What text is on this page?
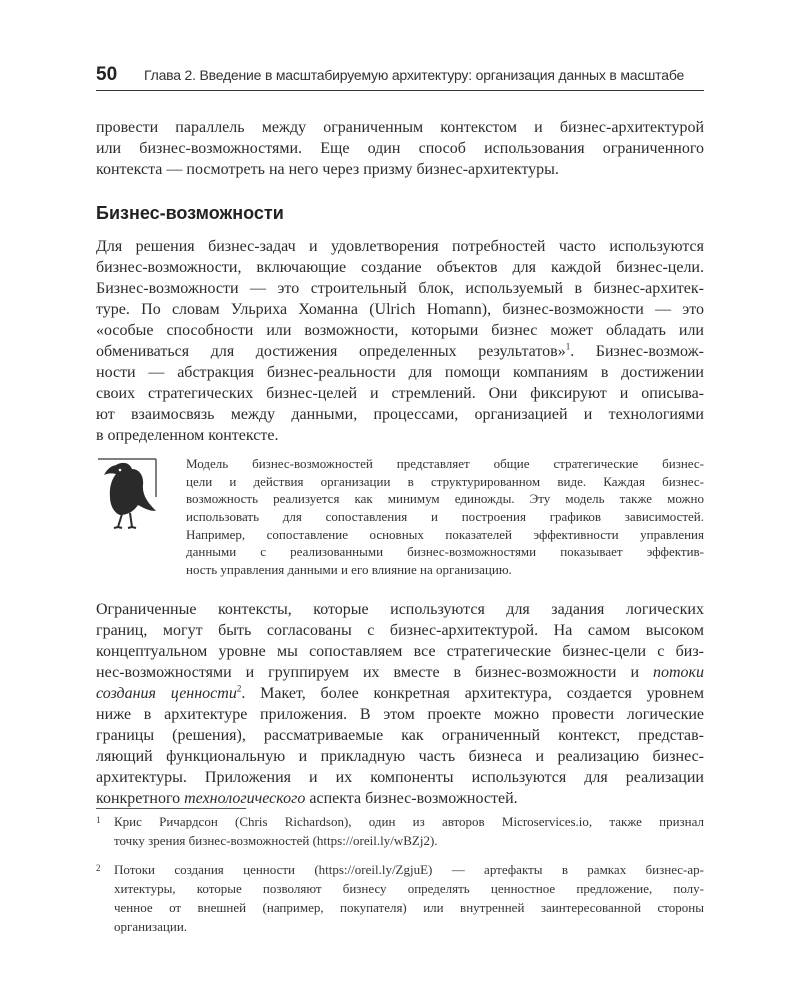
50 Глава 2. Введение в масштабируемую архитектуру: организация данных в масштабе
провести параллель между ограниченным контекстом и бизнес-архитектурой
или бизнес-возможностями. Еще один способ использования ограниченного
контекста — посмотреть на него через призму бизнес-архитектуры.
Бизнес-возможности
Для решения бизнес-задач и удовлетворения потребностей часто используются
бизнес-возможности, включающие создание объектов для каждой бизнес-цели.
Бизнес-возможности — это строительный блок, используемый в бизнес-архитек-
туре. По словам Ульриха Хоманна (Ulrich Homann), бизнес-возможности — это
«особые способности или возможности, которыми бизнес может обладать или
обмениваться для достижения определенных результатов»$^1$. Бизнес-возмож-
ности — абстракция бизнес-реальности для помощи компаниям в достижении
своих стратегических бизнес-целей и стремлений. Они фиксируют и описыва-
ют взаимосвязь между данными, процессами, организацией и технологиями
в определенном контексте.
Модель бизнес-возможностей представляет общие стратегические бизнес-
цели и действия организации в структурированном виде. Каждая бизнес-
возможность реализуется как минимум единожды. Эту модель также можно
использовать для сопоставления и построения графиков зависимостей.
Например, сопоставление основных показателей эффективности управления
данными с реализованными бизнес-возможностями показывает эффектив-
ность управления данными и его влияние на организацию.
Ограниченные контексты, которые используются для задания логических
границ, могут быть согласованы с бизнес-архитектурой. На самом высоком
концептуальном уровне мы сопоставляем все стратегические бизнес-цели с биз-
нес-возможностями и группируем их вместе в бизнес-возможности и потоки
создания ценности$^2$. Макет, более конкретная архитектура, создается уровнем
ниже в архитектуре приложения. В этом проекте можно провести логические
границы (решения), рассматриваемые как ограниченный контекст, представ-
ляющий функциональную и прикладную часть бизнеса и реализацию бизнес-
архитектуры. Приложения и их компоненты используются для реализации
конкретного технологического аспекта бизнес-возможностей.
1 Крис Ричардсон (Chris Richardson), один из авторов Microservices.io, также признал
точку зрения бизнес-возможностей (https://oreil.ly/wBZj2).
2 Потоки создания ценности (https://oreil.ly/ZgjuE) — артефакты в рамках бизнес-ар-
хитектуры, которые позволяют бизнесу определять ценностное предложение, полу-
ченное от внешней (например, покупателя) или внутренней заинтересованной стороны
организации.
